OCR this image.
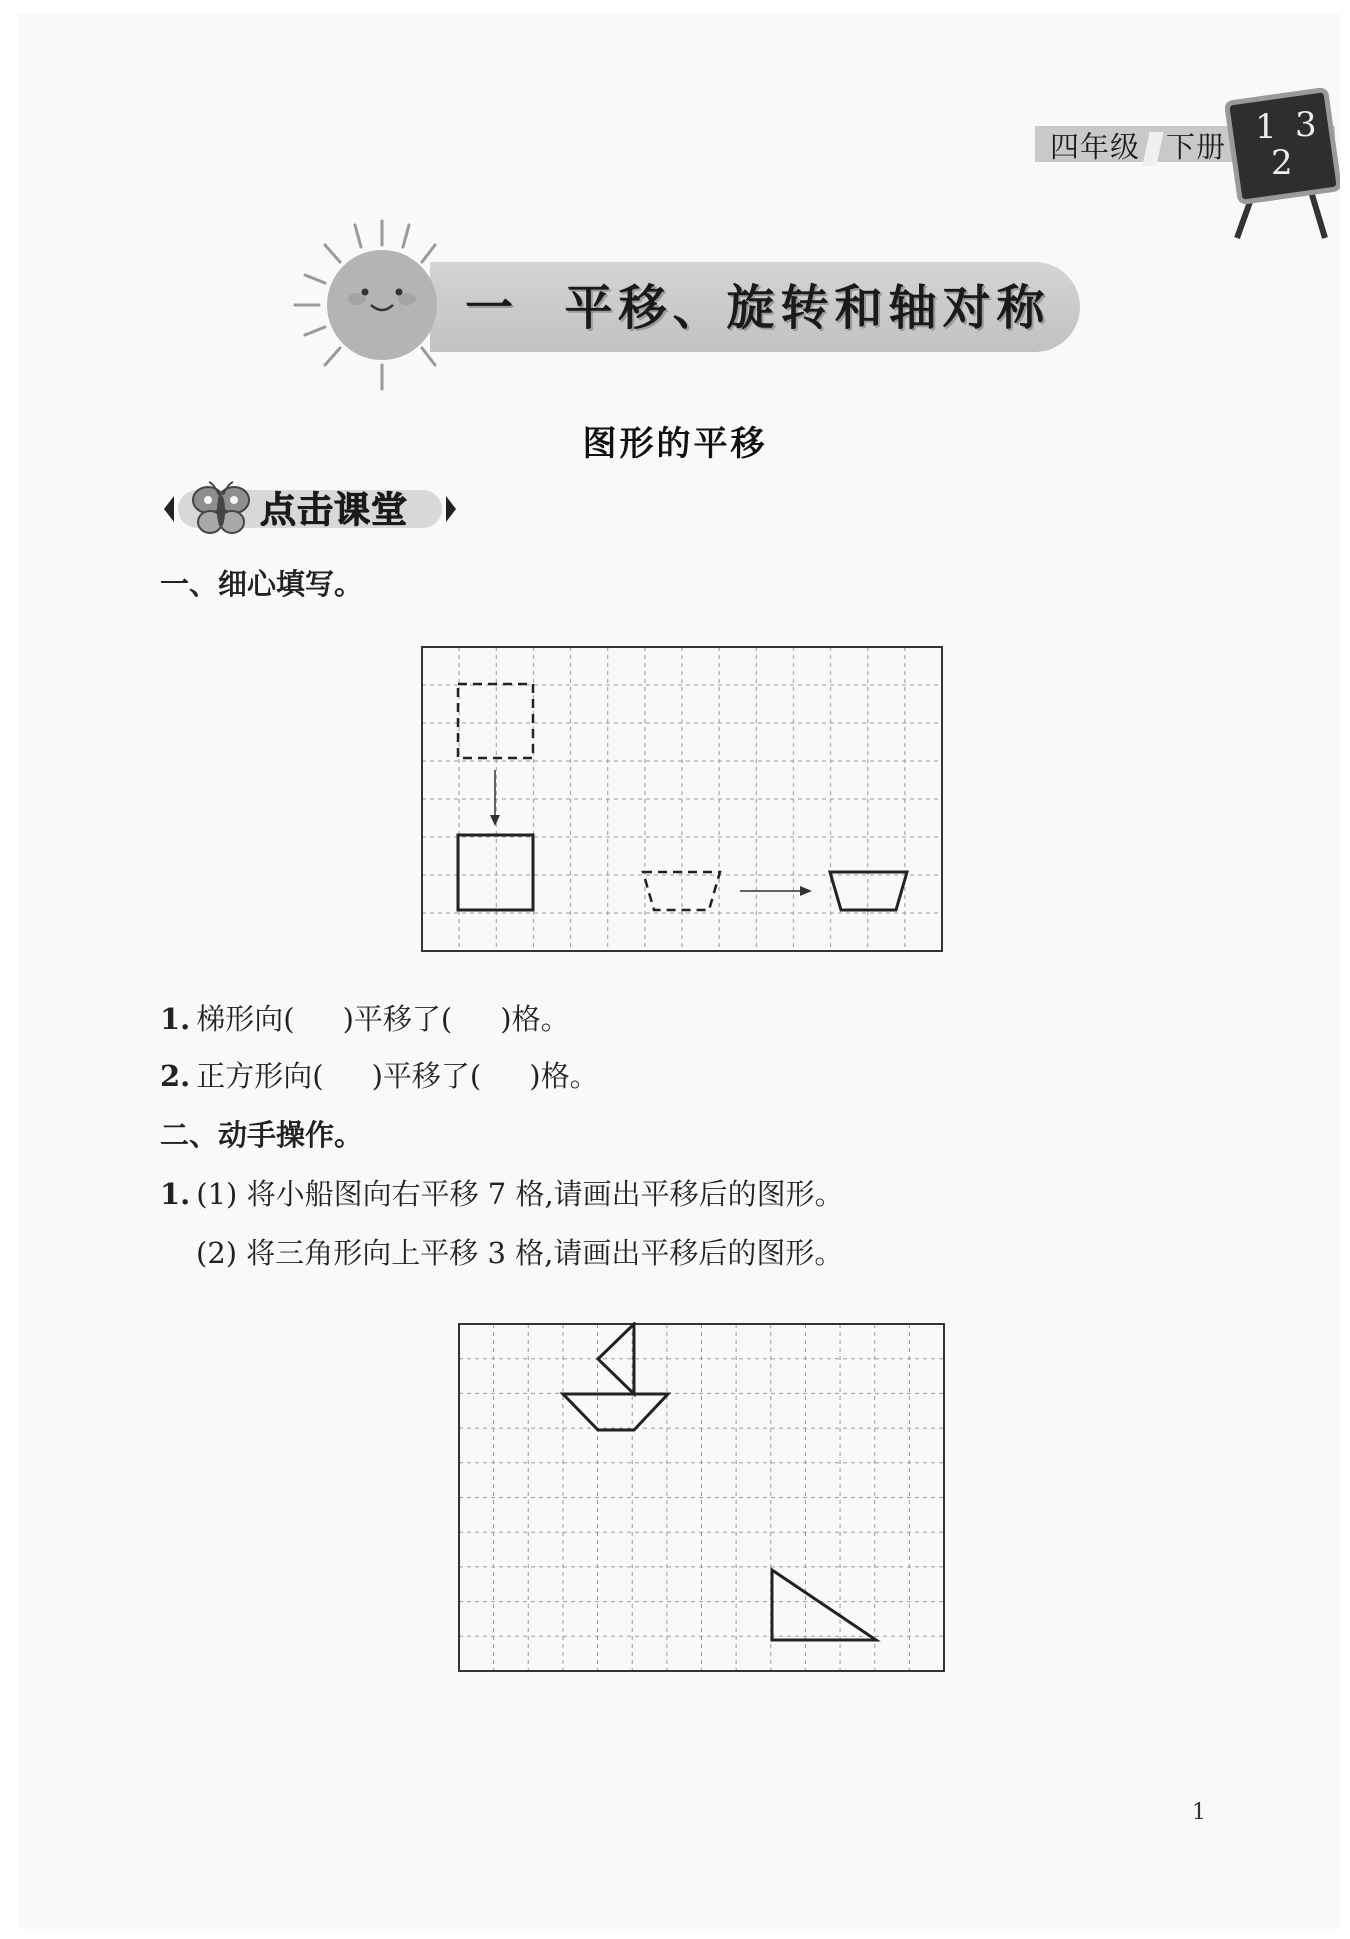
四年级 下册 1 3
2
一 平移、旋转和轴对称
图形的平移
点击课堂
一、细心填写。
1. 梯形向( )平移了( )格。
2. 正方形向( )平移了( )格。
二、动手操作。
1. (1) 将小船图向右平移 7 格,请画出平移后的图形。
(2) 将三角形向上平移 3 格,请画出平移后的图形。
1
